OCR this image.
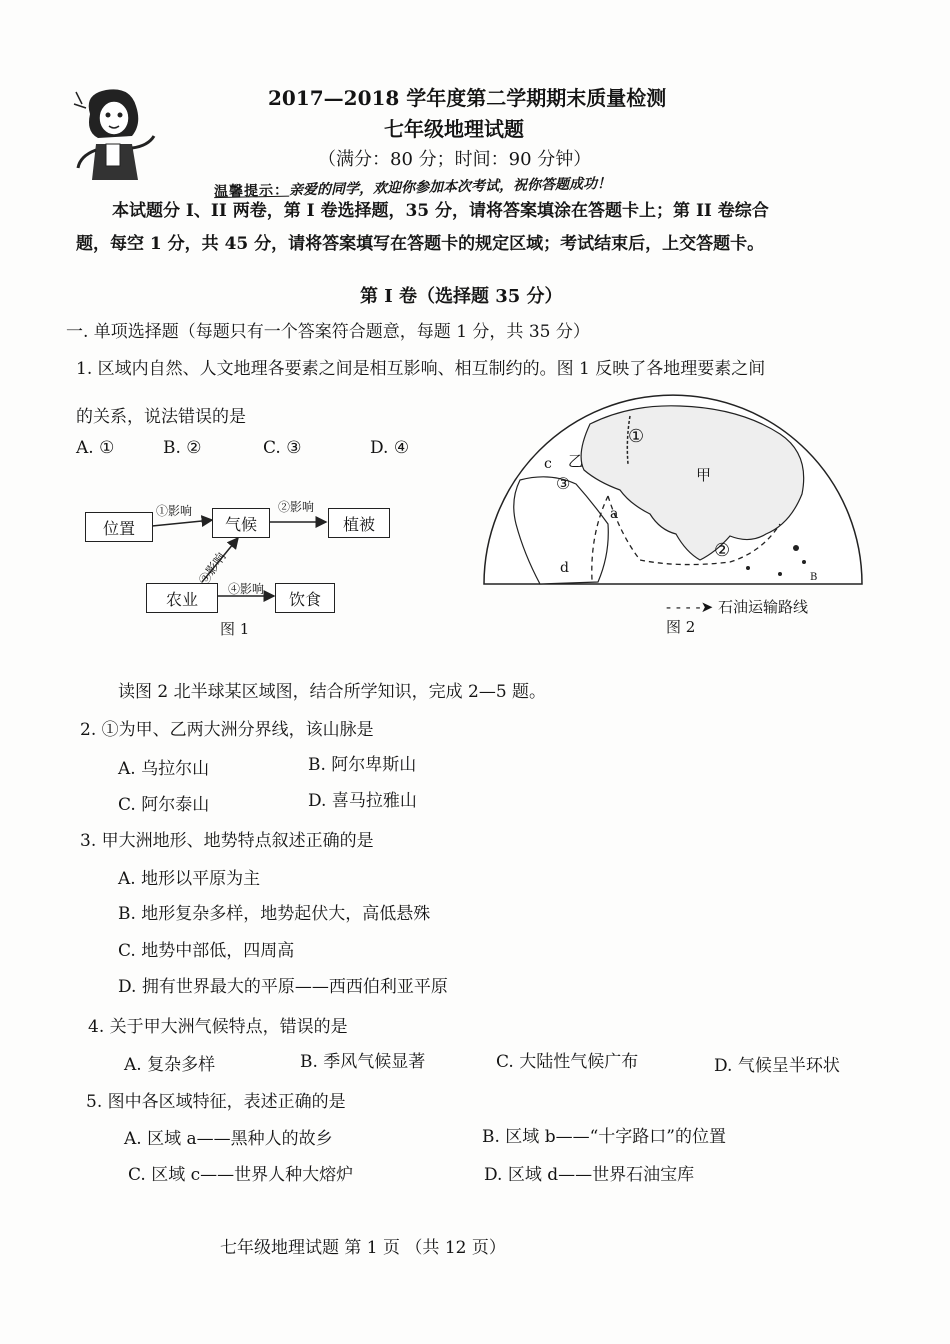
2017—2018 学年度第二学期期末质量检测
七年级地理试题
（满分：80 分；时间：90 分钟）
温馨提示：亲爱的同学，欢迎你参加本次考试，祝你答题成功！
本试题分 I、II 两卷，第 I 卷选择题，35 分，请将答案填涂在答题卡上；第 II 卷综合
题，每空 1 分，共 45 分，请将答案填写在答题卡的规定区域；考试结束后，上交答题卡。
第 I 卷（选择题 35 分）
一. 单项选择题（每题只有一个答案符合题意，每题 1 分，共 35 分）
1. 区域内自然、人文地理各要素之间是相互影响、相互制约的。图 1 反映了各地理要素之间
的关系，说法错误的是
A. ①	B. ②	C. ③	D. ④
位置	气候	植被
农业	饮食
①影响	②影响
③影响
④影响
图 1
①
甲
乙
c
③
a
②
d
B
- - - -➤ 石油运输路线
图 2
读图 2 北半球某区域图，结合所学知识，完成 2—5 题。
2. ①为甲、乙两大洲分界线，该山脉是
A. 乌拉尔山	B. 阿尔卑斯山
C. 阿尔泰山	D. 喜马拉雅山
3. 甲大洲地形、地势特点叙述正确的是
A. 地形以平原为主
B. 地形复杂多样，地势起伏大，高低悬殊
C. 地势中部低，四周高
D. 拥有世界最大的平原——西西伯利亚平原
4. 关于甲大洲气候特点，错误的是
A. 复杂多样	B. 季风气候显著	C. 大陆性气候广布	D. 气候呈半环状
5. 图中各区域特征，表述正确的是
A. 区域 a——黑种人的故乡	B. 区域 b——“十字路口”的位置
C. 区域 c——世界人种大熔炉	D. 区域 d——世界石油宝库
七年级地理试题 第 1 页 （共 12 页）
